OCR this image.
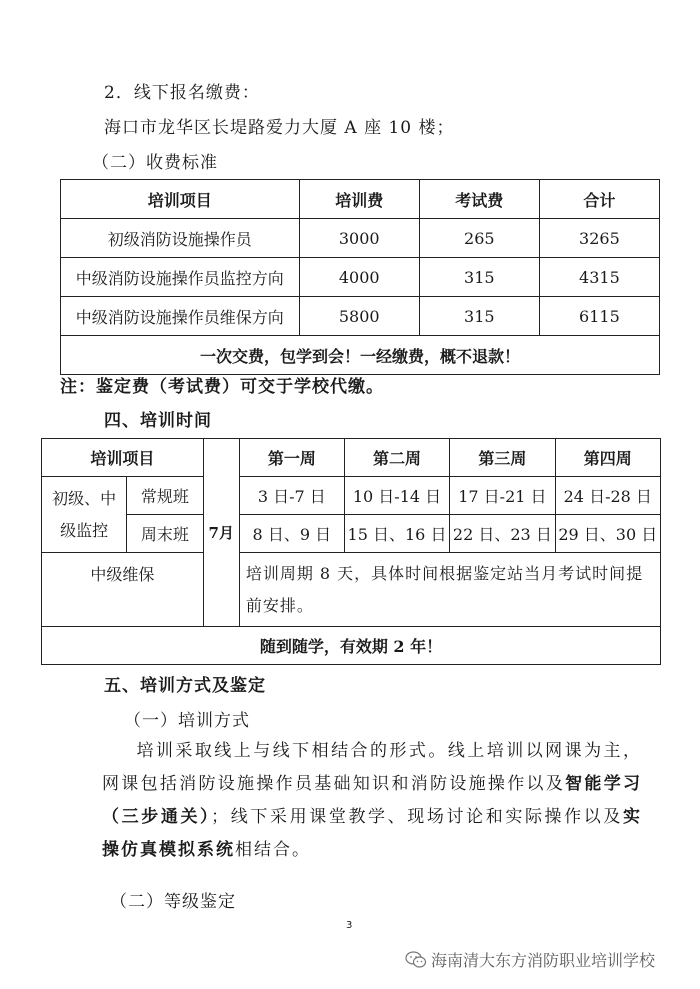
2．线下报名缴费：
海口市龙华区长堤路爱力大厦 A 座 10 楼；
（二）收费标准
培训项目	培训费	考试费	合计
初级消防设施操作员	3000	265	3265
中级消防设施操作员监控方向	4000	315	4315
中级消防设施操作员维保方向	5800	315	6115
一次交费，包学到会！一经缴费，概不退款！			
注：鉴定费（考试费）可交于学校代缴。
四、培训时间
培训项目		7月	第一周	第二周	第三周	第四周
初级、中级监控	常规班		3 日-7 日	10 日-14 日	17 日-21 日	24 日-28 日
	周末班		8 日、9 日	15 日、16 日	22 日、23 日	29 日、30 日
中级维保			培训周期 8 天，具体时间根据鉴定站当月考试时间提前安排。			
随到随学，有效期 2 年！						
五、培训方式及鉴定
（一）培训方式
培训采取线上与线下相结合的形式。线上培训以网课为主，网课包括消防设施操作员基础知识和消防设施操作以及智能学习（三步通关）；线下采用课堂教学、现场讨论和实际操作以及实操仿真模拟系统相结合。
（二）等级鉴定
3
海南清大东方消防职业培训学校
